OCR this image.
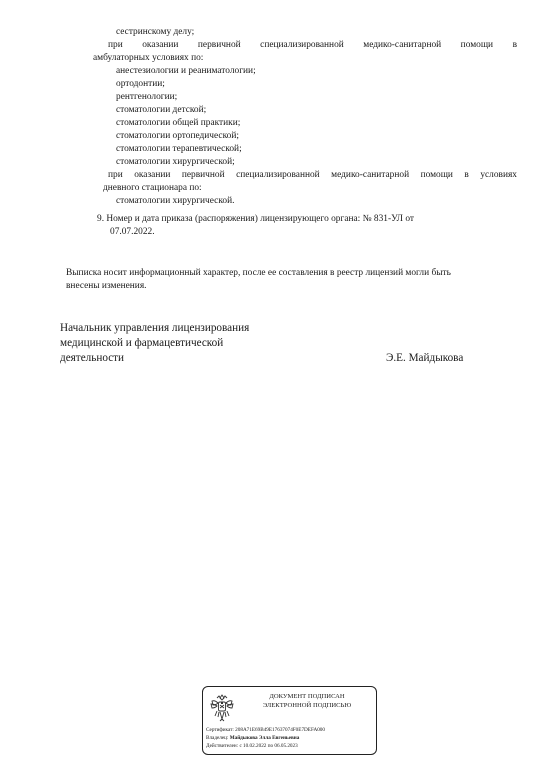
сестринскому делу;
при оказании первичной специализированной медико-санитарной помощи в
амбулаторных условиях по:
анестезиологии и реаниматологии;
ортодонтии;
рентгенологии;
стоматологии детской;
стоматологии общей практики;
стоматологии ортопедической;
стоматологии терапевтической;
стоматологии хирургической;
при оказании первичной специализированной медико-санитарной помощи в условиях
дневного стационара по:
стоматологии хирургической.
9. Номер и дата приказа (распоряжения) лицензирующего органа: № 831-УЛ от
07.07.2022.
Выписка носит информационный характер, после ее составления в реестр лицензий могли быть
внесены изменения.
Начальник управления лицензирования
медицинской и фармацевтической
деятельности	Э.Е. Майдыкова
ДОКУМЕНТ ПОДПИСАН
ЭЛЕКТРОННОЙ ПОДПИСЬЮ
Сертификат: 208A71E69B49E17637074F0E7DEFA000
Владелец: Майдыкова Элла Евгеньевна
Действителен: с 10.02.2022 по 06.05.2023
